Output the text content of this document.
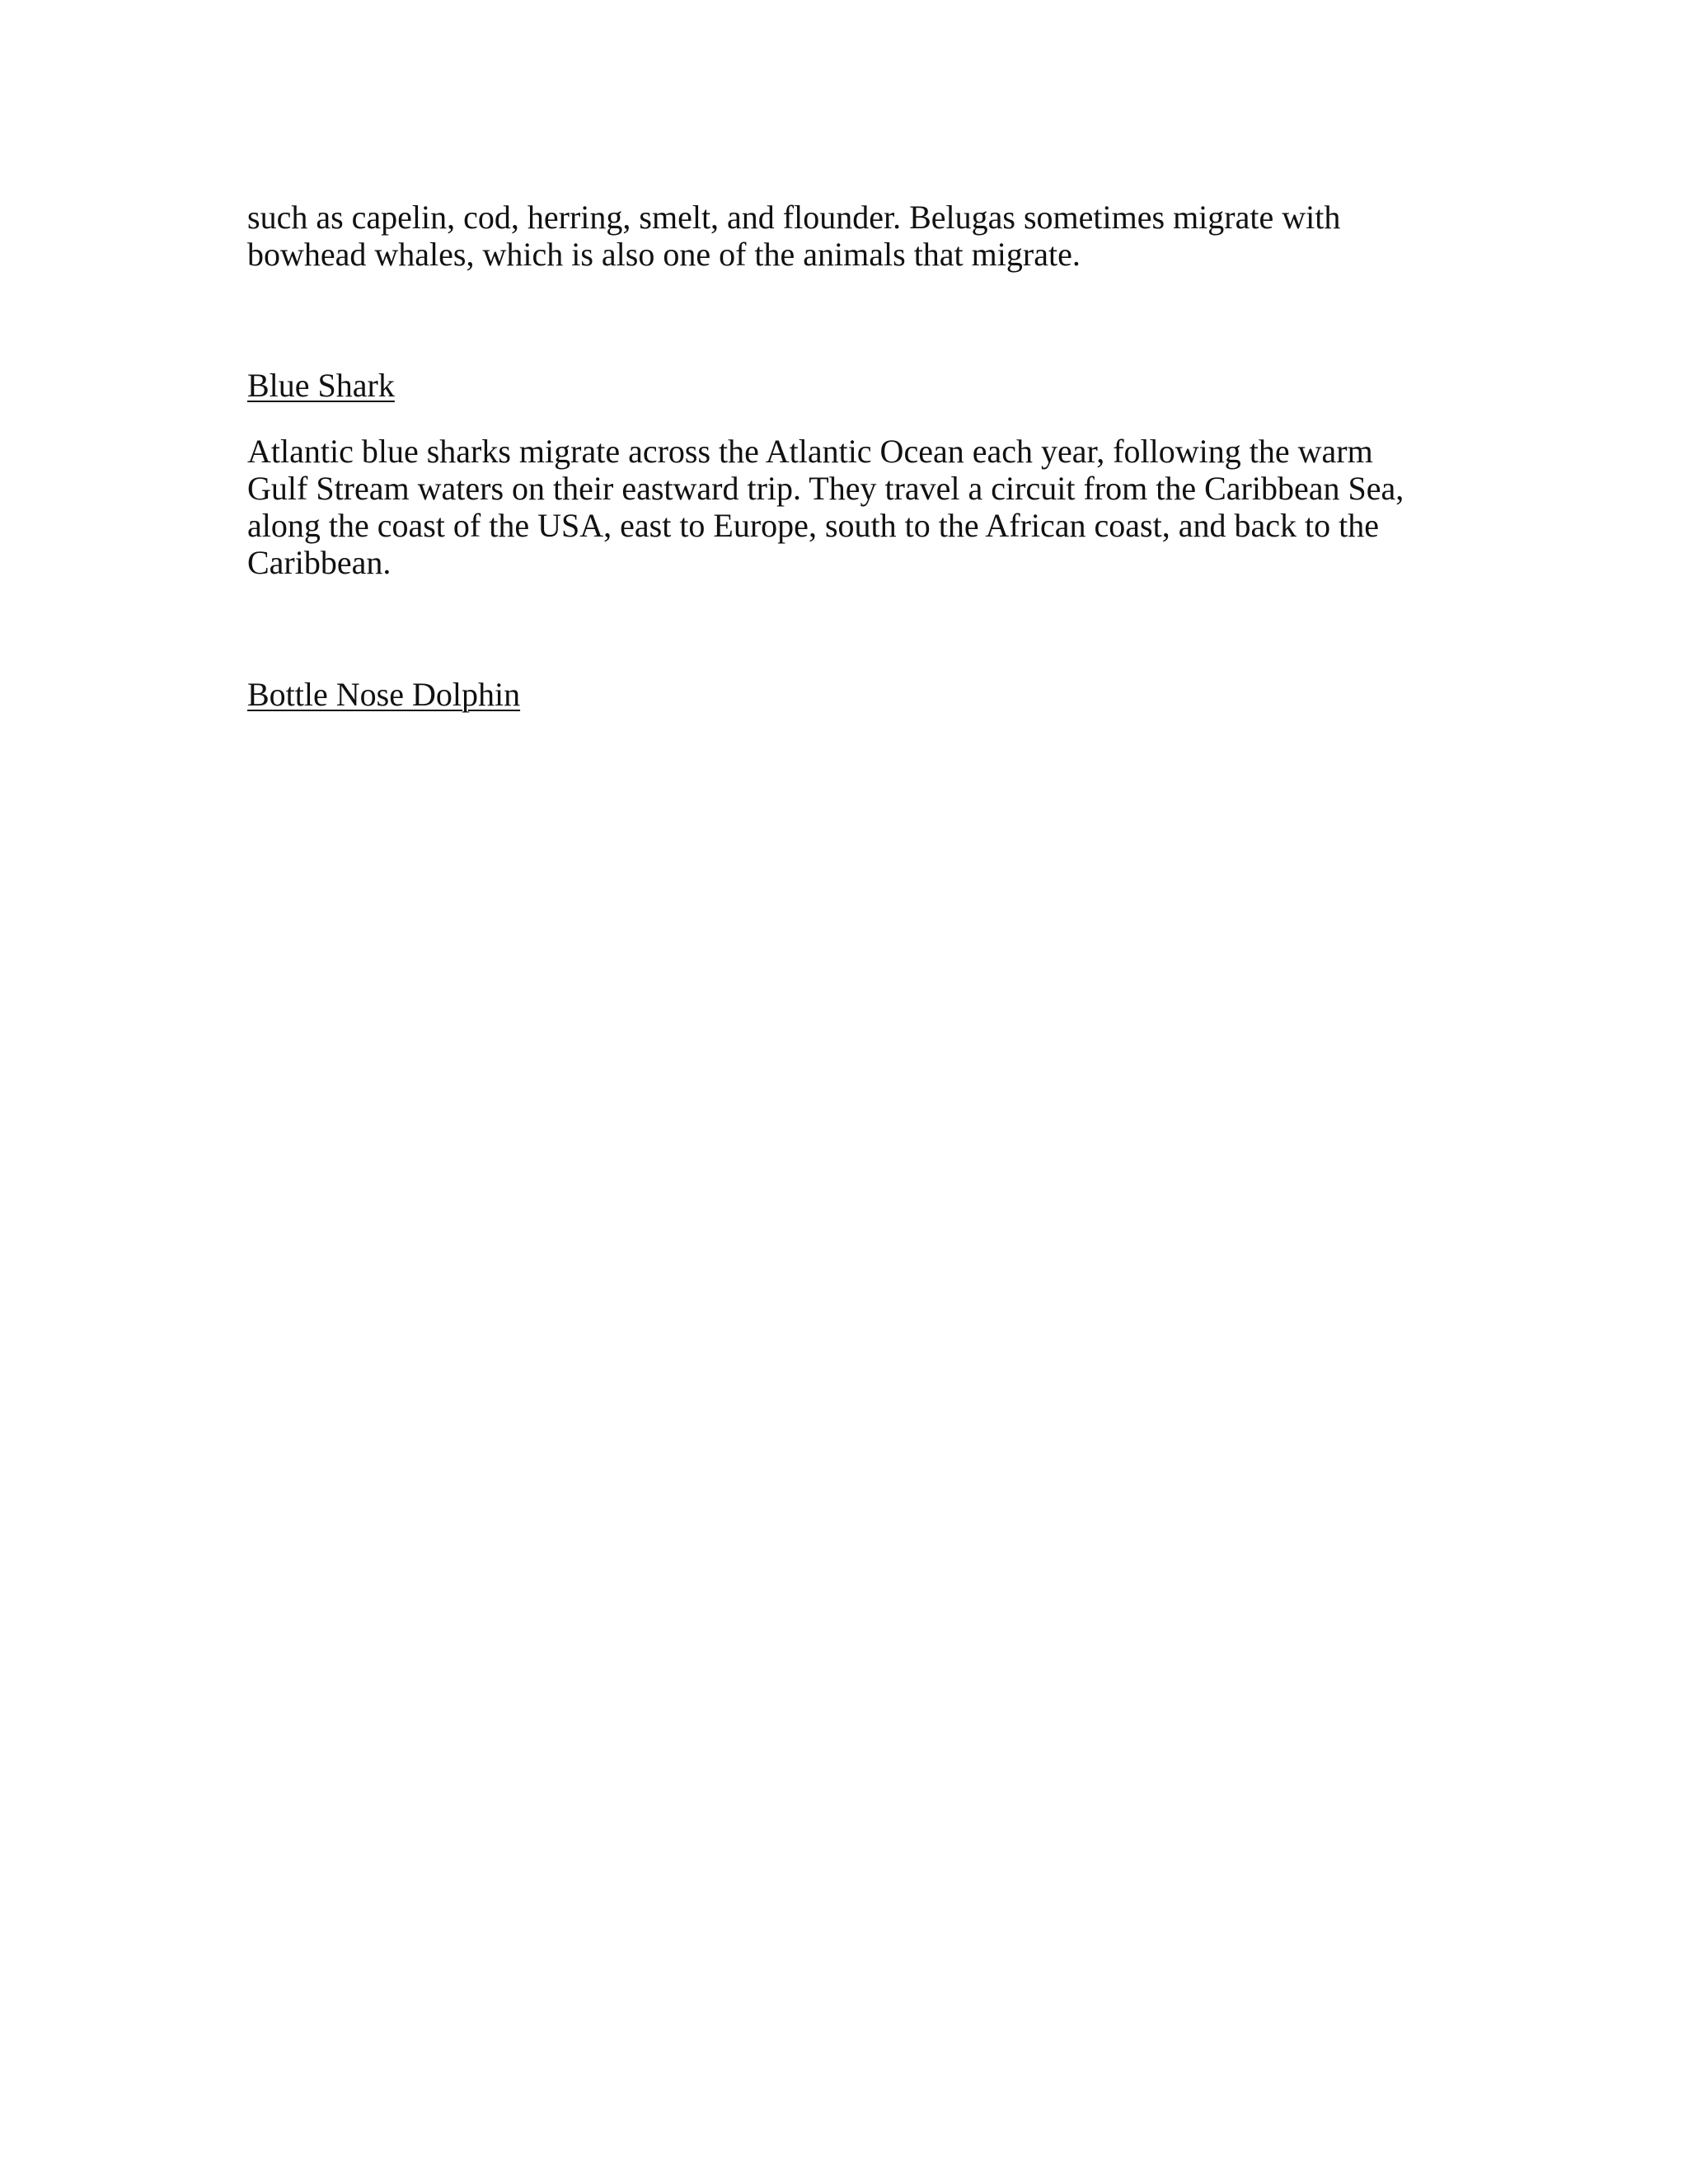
such as capelin, cod, herring, smelt, and flounder. Belugas sometimes migrate with
bowhead whales, which is also one of the animals that migrate.

Blue Shark

Atlantic blue sharks migrate across the Atlantic Ocean each year, following the warm
Gulf Stream waters on their eastward trip. They travel a circuit from the Caribbean Sea,
along the coast of the USA, east to Europe, south to the African coast, and back to the
Caribbean.

Bottle Nose Dolphin
